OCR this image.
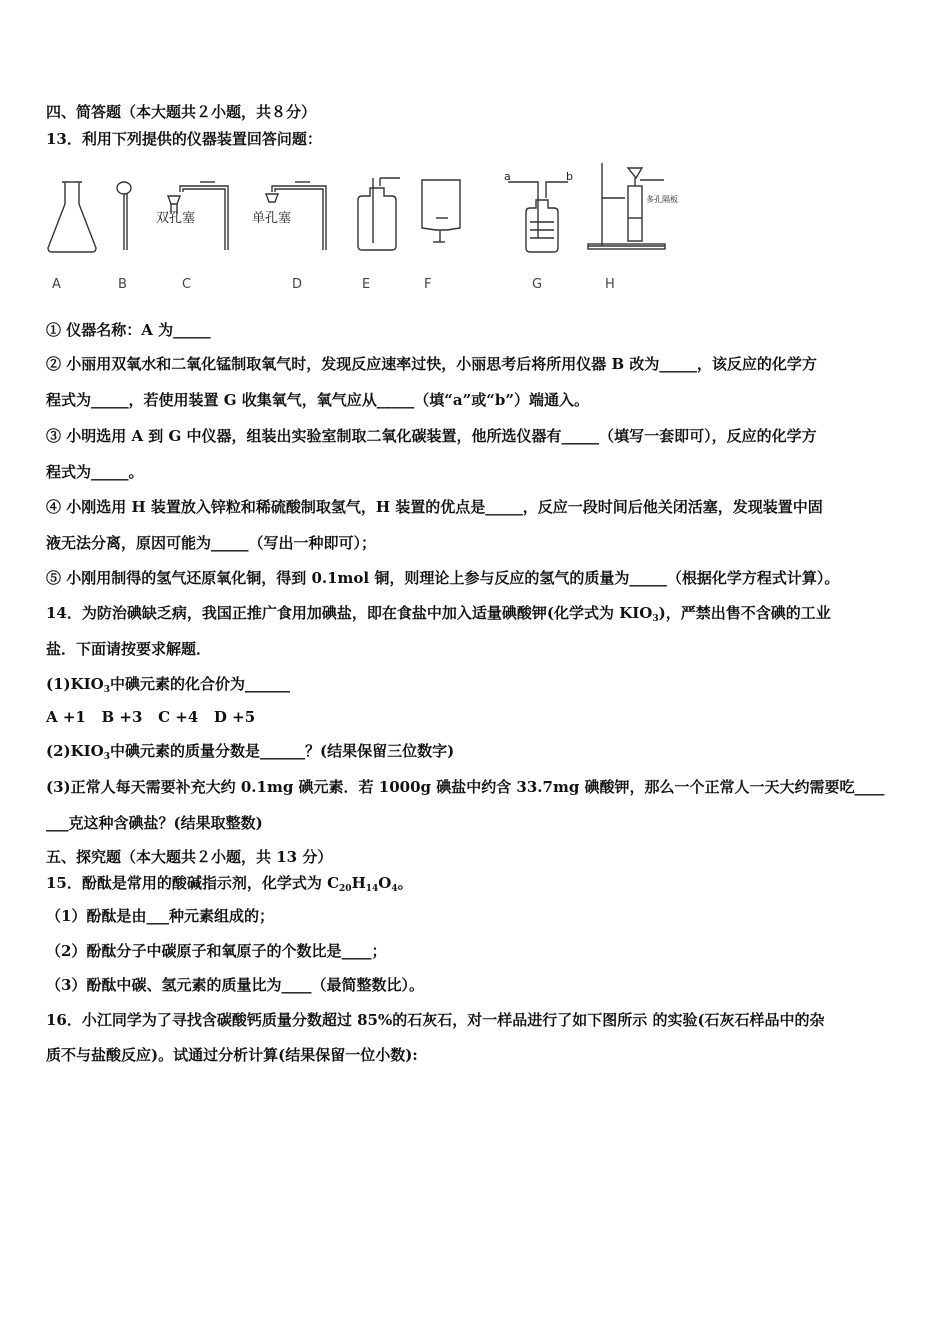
四、简答题（本大题共２小题，共８分）
13．利用下列提供的仪器装置回答问题：
双孔塞	单孔塞
a	b
多孔隔板
A	B	C	D	E	F	G	H
① 仪器名称：A 为_____
② 小丽用双氧水和二氧化锰制取氧气时，发现反应速率过快，小丽思考后将所用仪器 B 改为_____，该反应的化学方
程式为_____，若使用装置 G 收集氧气，氧气应从_____（填“a”或“b”）端通入。
③ 小明选用 A 到 G 中仪器，组装出实验室制取二氧化碳装置，他所选仪器有_____（填写一套即可），反应的化学方
程式为_____。
④ 小刚选用 H 装置放入锌粒和稀硫酸制取氢气，H 装置的优点是_____，反应一段时间后他关闭活塞，发现装置中固
液无法分离，原因可能为_____（写出一种即可）；
⑤ 小刚用制得的氢气还原氧化铜，得到 0.1mol 铜，则理论上参与反应的氢气的质量为_____（根据化学方程式计算）。
14．为防治碘缺乏病，我国正推广食用加碘盐，即在食盐中加入适量碘酸钾(化学式为 $KIO_3$)，严禁出售不含碘的工业
盐．下面请按要求解题．
$(1)KIO_3$中碘元素的化合价为______
A +1   B +3   C +4   D +5
$(2)KIO_3$中碘元素的质量分数是______？(结果保留三位数字)
(3)正常人每天需要补充大约 0.1mg 碘元素．若 1000g 碘盐中约含 33.7mg 碘酸钾，那么一个正常人一天大约需要吃____
___克这种含碘盐？(结果取整数)
五、探究题（本大题共２小题，共 13 分）
15．酚酞是常用的酸碱指示剂，化学式为 $C_{20}H_{14}O_4$。
（1）酚酞是由___种元素组成的；
（2）酚酞分子中碳原子和氧原子的个数比是____；
（3）酚酞中碳、氢元素的质量比为____（最简整数比）。
16．小江同学为了寻找含碳酸钙质量分数超过 85%的石灰石，对一样品进行了如下图所示 的实验(石灰石样品中的杂
质不与盐酸反应)。试通过分析计算(结果保留一位小数):
